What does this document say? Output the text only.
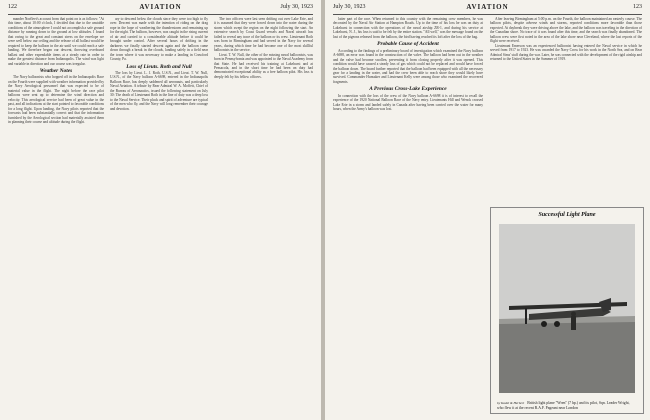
122	AVIATION	July 30, 1923

mander Norfleet's account from that point on is as follows: "At this time, about 10:00 o'clock, I decided that due to the unstable conditions of the atmosphere I could not accomplish a safe ground distance by running down to the ground at low altitudes. I found that owing to the great and constant stress on the envelope we were well below our ceiling and the release of all ballast would be required to keep the balloon in the air until we could reach a safe landing. We therefore began our descent, throwing overboard ballast and other expendable items at a steady rate in order to make the greatest distance from Indianapolis. The wind was light and variable in direction and our course was irregular.

Weather Notes

The Navy balloonists who hopped off in the Indianapolis Race on the Fourth were supplied with weather information provided by the Navy Aerological personnel that was expected to be of material value in the flight. The night before the race pilot balloons were sent up to determine the wind direction and velocity. This aerological service had been of great value in the past, and all indications at the start pointed to favorable conditions for a long flight. Upon landing, the Navy pilots reported that the forecasts had been substantially correct and that the information furnished by the Aerological section had materially assisted them in planning their course and altitude during the flight.

ary to descend below the clouds since they were too high to fly over. Descent was made with the intention of riding on the drag rope in the hope of weathering the thunderstorm and remaining up for the night. The balloon, however, was caught in the rising current of air and carried to a considerable altitude before it could be brought under control. After several hours of drifting in the darkness we finally started descent again and the balloon came down through a break in the clouds, landing safely in a field near the town where it was necessary to make a landing in Crawford County, Pa.

Loss of Lieuts. Roth and Null

The loss by Lieut. L. J. Roth, U.S.N., and Lieut. T. W. Null, U.S.N., of the Navy balloon A-6698, entered in the Indianapolis Balloon Race, has deeply saddened all aeronauts, and particularly Naval Aviation. A tribute by Rear Admiral W. A. Moffett, Chief of the Bureau of Aeronautics, issued the following statement on July 30: The death of Lieutenant Roth in the line of duty was a deep loss to the Naval Service. Their pluck and spirit of adventure are typical of the men who fly, and the Navy will long remember their courage and devotion.

The two officers were last seen drifting out over Lake Erie, and it is assumed that they were forced down into the water during the storm which swept the region on the night following the start. An extensive search by Coast Guard vessels and Naval aircraft has failed to reveal any trace of the balloon or its crew. Lieutenant Roth was born in Birmingham and had served in the Navy for several years, during which time he had become one of the most skillful balloonists in the service.

Lieut. T. W. Null, the other of the missing naval balloonists, was born in Pennsylvania and was appointed to the Naval Academy from that State. He had received his training at Lakehurst and at Pensacola, and in the short time he had been on duty had demonstrated exceptional ability as a free balloon pilot. His loss is deeply felt by his fellow officers.

July 30, 1923	AVIATION	123

latter part of the race. When returned to this country with the remaining crew members, he was decorated by the Naval Air Station at Hampton Roads. Up to the time of his loss he was on duty at Lakehurst in connection with the operations of the naval airship ZR-1, and during his service at Lakehurst, N. J., his loss is said to be felt by the entire station. "All well," was the message found on the last of the pigeons released from the balloon, the bird having reached its loft after the loss of the bag.

Probable Cause of Accident

According to the findings of a preliminary board of investigation which examined the Navy balloon A-6698, an error was found in the construction of the valve. The balloon had been out in the weather and the valve had become swollen, preventing it from closing properly after it was opened. This condition would have caused a steady loss of gas which could not be replaced and would have forced the balloon down. The board further reported that the balloon had been equipped with all the necessary gear for a landing in the water, and had the crew been able to reach shore they would likely have survived. Commander Hunsaker and Lieutenant Kelly were among those who examined the recovered fragments.

A Previous Cross-Lake Experience

In connection with the loss of the crew of the Navy balloon A-6698 it is of interest to recall the experience of the 1920 National Balloon Race of the Navy entry. Lieutenants Hill and Wenck crossed Lake Erie in a storm and landed safely in Canada after having been carried over the water for many hours, when the Army's balloon was lost.

After leaving Birmingham at 5:00 p.m. on the Fourth, the balloon maintained an easterly course. The balloon pilots, despite adverse winds and storms, reported conditions more favorable than those expected. At daybreak they were driving above the lake, and the balloon was traveling in the direction of the Canadian shore. No trace of it was found after this time, and the search was finally abandoned. The balloon crew were first noted in the area of the lake shore near Cleveland, where the last reports of the flight were received.

Lieutenant Emerson was an experienced balloonist having entered the Naval service in which he served from 1917 to 1923. He was awarded the Navy Cross for his work in the North Sea, and on Rear Admiral Sims' staff during the war. Later, he was connected with the development of the rigid airship and returned to the United States in the Summer of 1919.

Successful Light Plane
by Kadel & Herbert British light plane "Wren" (7 hp.) and its pilot, Sqn. Leader Wright, who flew it at the recent R.A.F. Pageant near London
